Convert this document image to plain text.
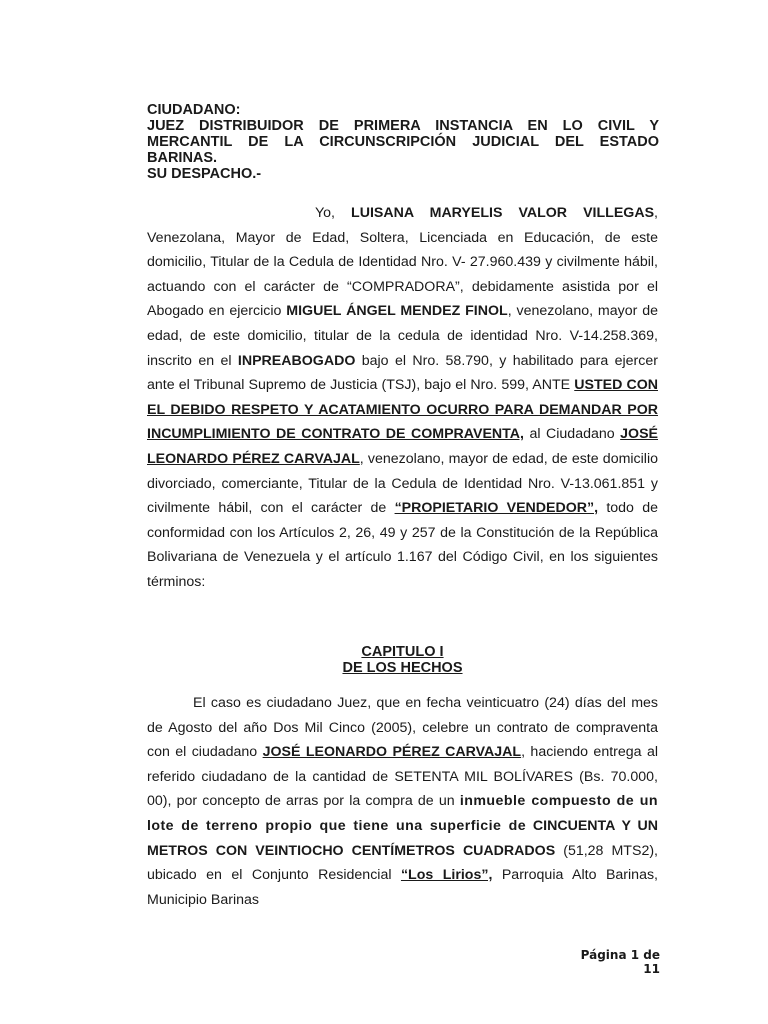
CIUDADANO:
JUEZ DISTRIBUIDOR DE PRIMERA INSTANCIA EN LO CIVIL Y MERCANTIL DE LA CIRCUNSCRIPCIÓN JUDICIAL DEL ESTADO BARINAS.
SU DESPACHO.-
Yo, LUISANA MARYELIS VALOR VILLEGAS, Venezolana, Mayor de Edad, Soltera, Licenciada en Educación, de este domicilio, Titular de la Cedula de Identidad Nro. V- 27.960.439 y civilmente hábil, actuando con el carácter de “COMPRADORA”, debidamente asistida por el Abogado en ejercicio MIGUEL ÁNGEL MENDEZ FINOL, venezolano, mayor de edad, de este domicilio, titular de la cedula de identidad Nro. V-14.258.369, inscrito en el INPREABOGADO bajo el Nro. 58.790, y habilitado para ejercer ante el Tribunal Supremo de Justicia (TSJ), bajo el Nro. 599, ANTE USTED CON EL DEBIDO RESPETO Y ACATAMIENTO OCURRO PARA DEMANDAR POR INCUMPLIMIENTO DE CONTRATO DE COMPRAVENTA, al Ciudadano JOSÉ LEONARDO PÉREZ CARVAJAL, venezolano, mayor de edad, de este domicilio divorciado, comerciante, Titular de la Cedula de Identidad Nro. V-13.061.851 y civilmente hábil, con el carácter de “PROPIETARIO VENDEDOR”, todo de conformidad con los Artículos 2, 26, 49 y 257 de la Constitución de la República Bolivariana de Venezuela y el artículo 1.167 del Código Civil, en los siguientes términos:
CAPITULO I
DE LOS HECHOS
El caso es ciudadano Juez, que en fecha veinticuatro (24) días del mes de Agosto del año Dos Mil Cinco (2005), celebre un contrato de compraventa con el ciudadano JOSÉ LEONARDO PÉREZ CARVAJAL, haciendo entrega al referido ciudadano de la cantidad de SETENTA MIL BOLÍVARES (Bs. 70.000, 00), por concepto de arras por la compra de un inmueble compuesto de un lote de terreno propio que tiene una superficie de CINCUENTA Y UN METROS CON VEINTIOCHO CENTÍMETROS CUADRADOS (51,28 MTS2), ubicado en el Conjunto Residencial “Los Lirios”, Parroquia Alto Barinas, Municipio Barinas
Página 1 de 11
